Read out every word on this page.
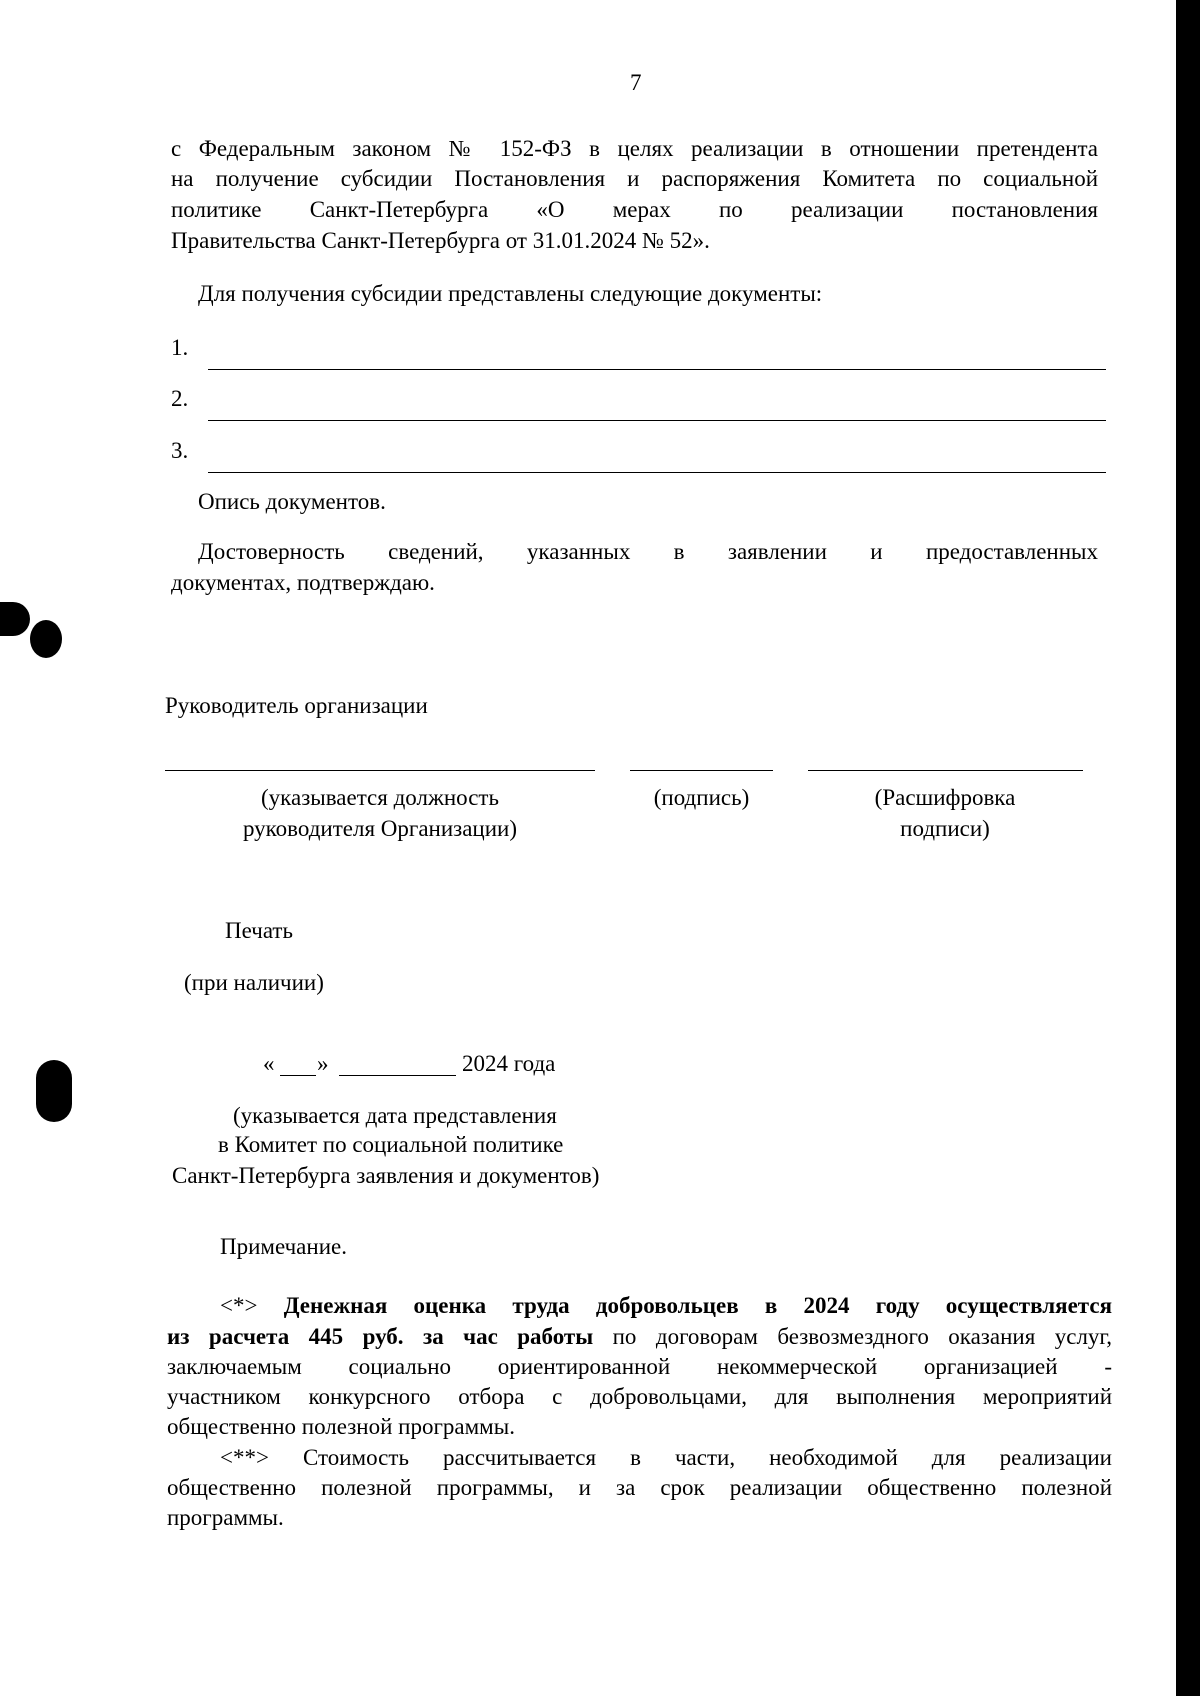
7
с Федеральным законом № 152-ФЗ в целях реализации в отношении претендента
на получение субсидии Постановления и распоряжения Комитета по социальной
политике Санкт-Петербурга «О мерах по реализации постановления
Правительства Санкт-Петербурга от 31.01.2024 № 52».
Для получения субсидии представлены следующие документы:
1.
2.
3.
Опись документов.
Достоверность сведений, указанных в заявлении и предоставленных
документах, подтверждаю.
Руководитель организации
(указывается должность
руководителя Организации)
(подпись)	(Расшифровка
подписи)
Печать
(при наличии)
« »	2024 года
(указывается дата представления
в Комитет по социальной политике
Санкт-Петербурга заявления и документов)
Примечание.
<*> Денежная оценка труда добровольцев в 2024 году осуществляется
из расчета 445 руб. за час работы по договорам безвозмездного оказания услуг,
заключаемым социально ориентированной некоммерческой организацией -
участником конкурсного отбора с добровольцами, для выполнения мероприятий
общественно полезной программы.
<**> Стоимость рассчитывается в части, необходимой для реализации
общественно полезной программы, и за срок реализации общественно полезной
программы.
